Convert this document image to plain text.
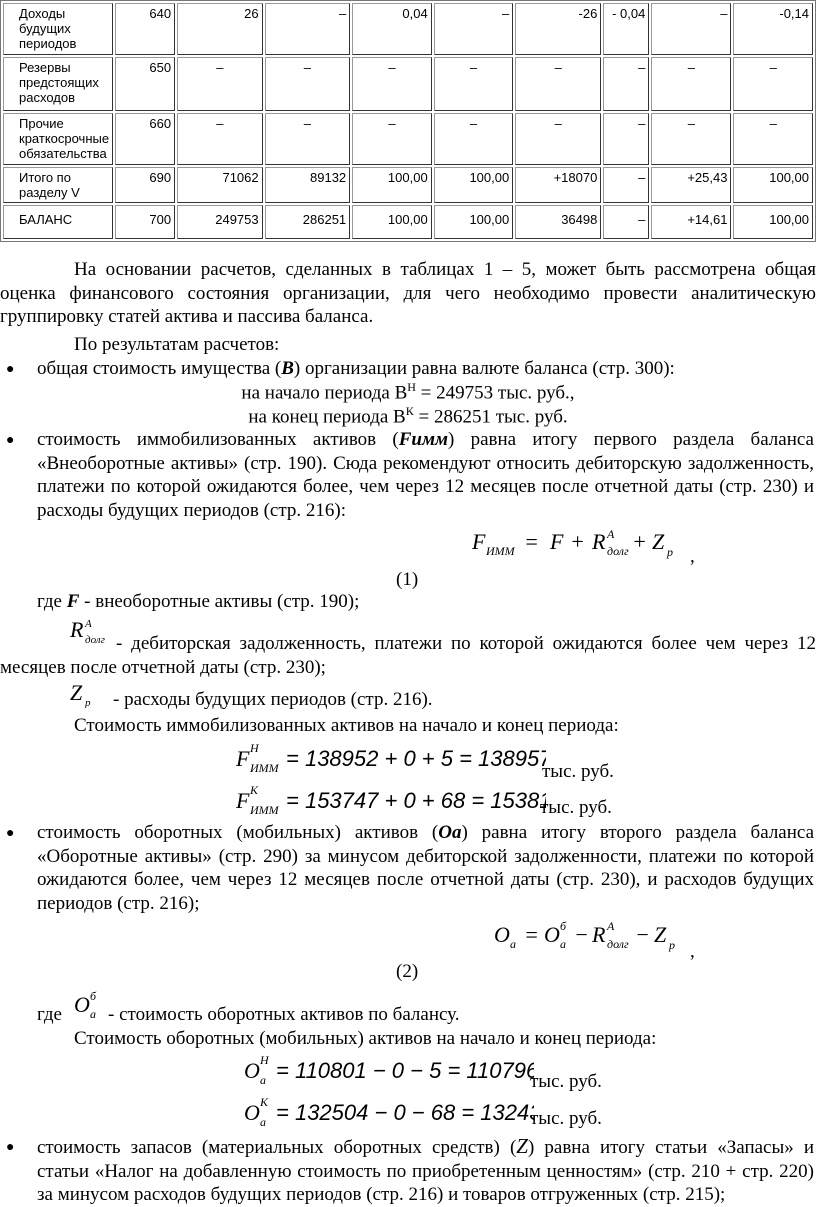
Доходы будущих периодов	640	26	–	0,04	–	-26	- 0,04	–	-0,14
Резервы предстоящих расходов	650	–	–	–	–	–	–	–	–
Прочие краткосрочные обязательства	660	–	–	–	–	–	–	–	–
Итого по разделу V	690	71062	89132	100,00	100,00	+18070	–	+25,43	100,00
БАЛАНС	700	249753	286251	100,00	100,00	36498	–	+14,61	100,00
На основании расчетов, сделанных в таблицах 1 – 5, может быть рассмотрена общая оценка финансового состояния организации, для чего необходимо провести аналитическую группировку статей актива и пассива баланса.
По результатам расчетов:
● общая стоимость имущества (B) организации равна валюте баланса (стр. 300):
на начало периода $В^Н = 249753$ тыс. руб.,
на конец периода $В^К = 286251$ тыс. руб.
● стоимость иммобилизованных активов (Fимм) равна итогу первого раздела баланса «Внеоборотные активы» (стр. 190). Сюда рекомендуют относить дебиторскую задолженность, платежи по которой ожидаются более, чем через 12 месяцев после отчетной даты (стр. 230) и расходы будущих периодов (стр. 216):
F ИММ = F + R A
долг + Z р ,
(1)
где F - внеоборотные активы (стр. 190);
R A
долг - дебиторская задолженность, платежи по которой ожидаются более чем через 12 месяцев после отчетной даты (стр. 230);
Z р - расходы будущих периодов (стр. 216).
Стоимость иммобилизованных активов на начало и конец периода:
F Н
ИММ = 138952 + 0 + 5 = 138957
тыс. руб.
F К
ИММ = 153747 + 0 + 68 = 153815
тыс. руб.
● стоимость оборотных (мобильных) активов (Oa) равна итогу второго раздела баланса «Оборотные активы» (стр. 290) за минусом дебиторской задолженности, платежи по которой ожидаются более, чем через 12 месяцев после отчетной даты (стр. 230), и расходов будущих периодов (стр. 216);
O a = O б
a − R A
долг − Z р ,
(2)
где O б
a - стоимость оборотных активов по балансу.
Стоимость оборотных (мобильных) активов на начало и конец периода:
O Н
a = 110801 − 0 − 5 = 110796
тыс. руб.
O К
a = 132504 − 0 − 68 = 132436
тыс. руб.
● стоимость запасов (материальных оборотных средств) (Z) равна итогу статьи «Запасы» и статьи «Налог на добавленную стоимость по приобретенным ценностям» (стр. 210 + стр. 220) за минусом расходов будущих периодов (стр. 216) и товаров отгруженных (стр. 215);
